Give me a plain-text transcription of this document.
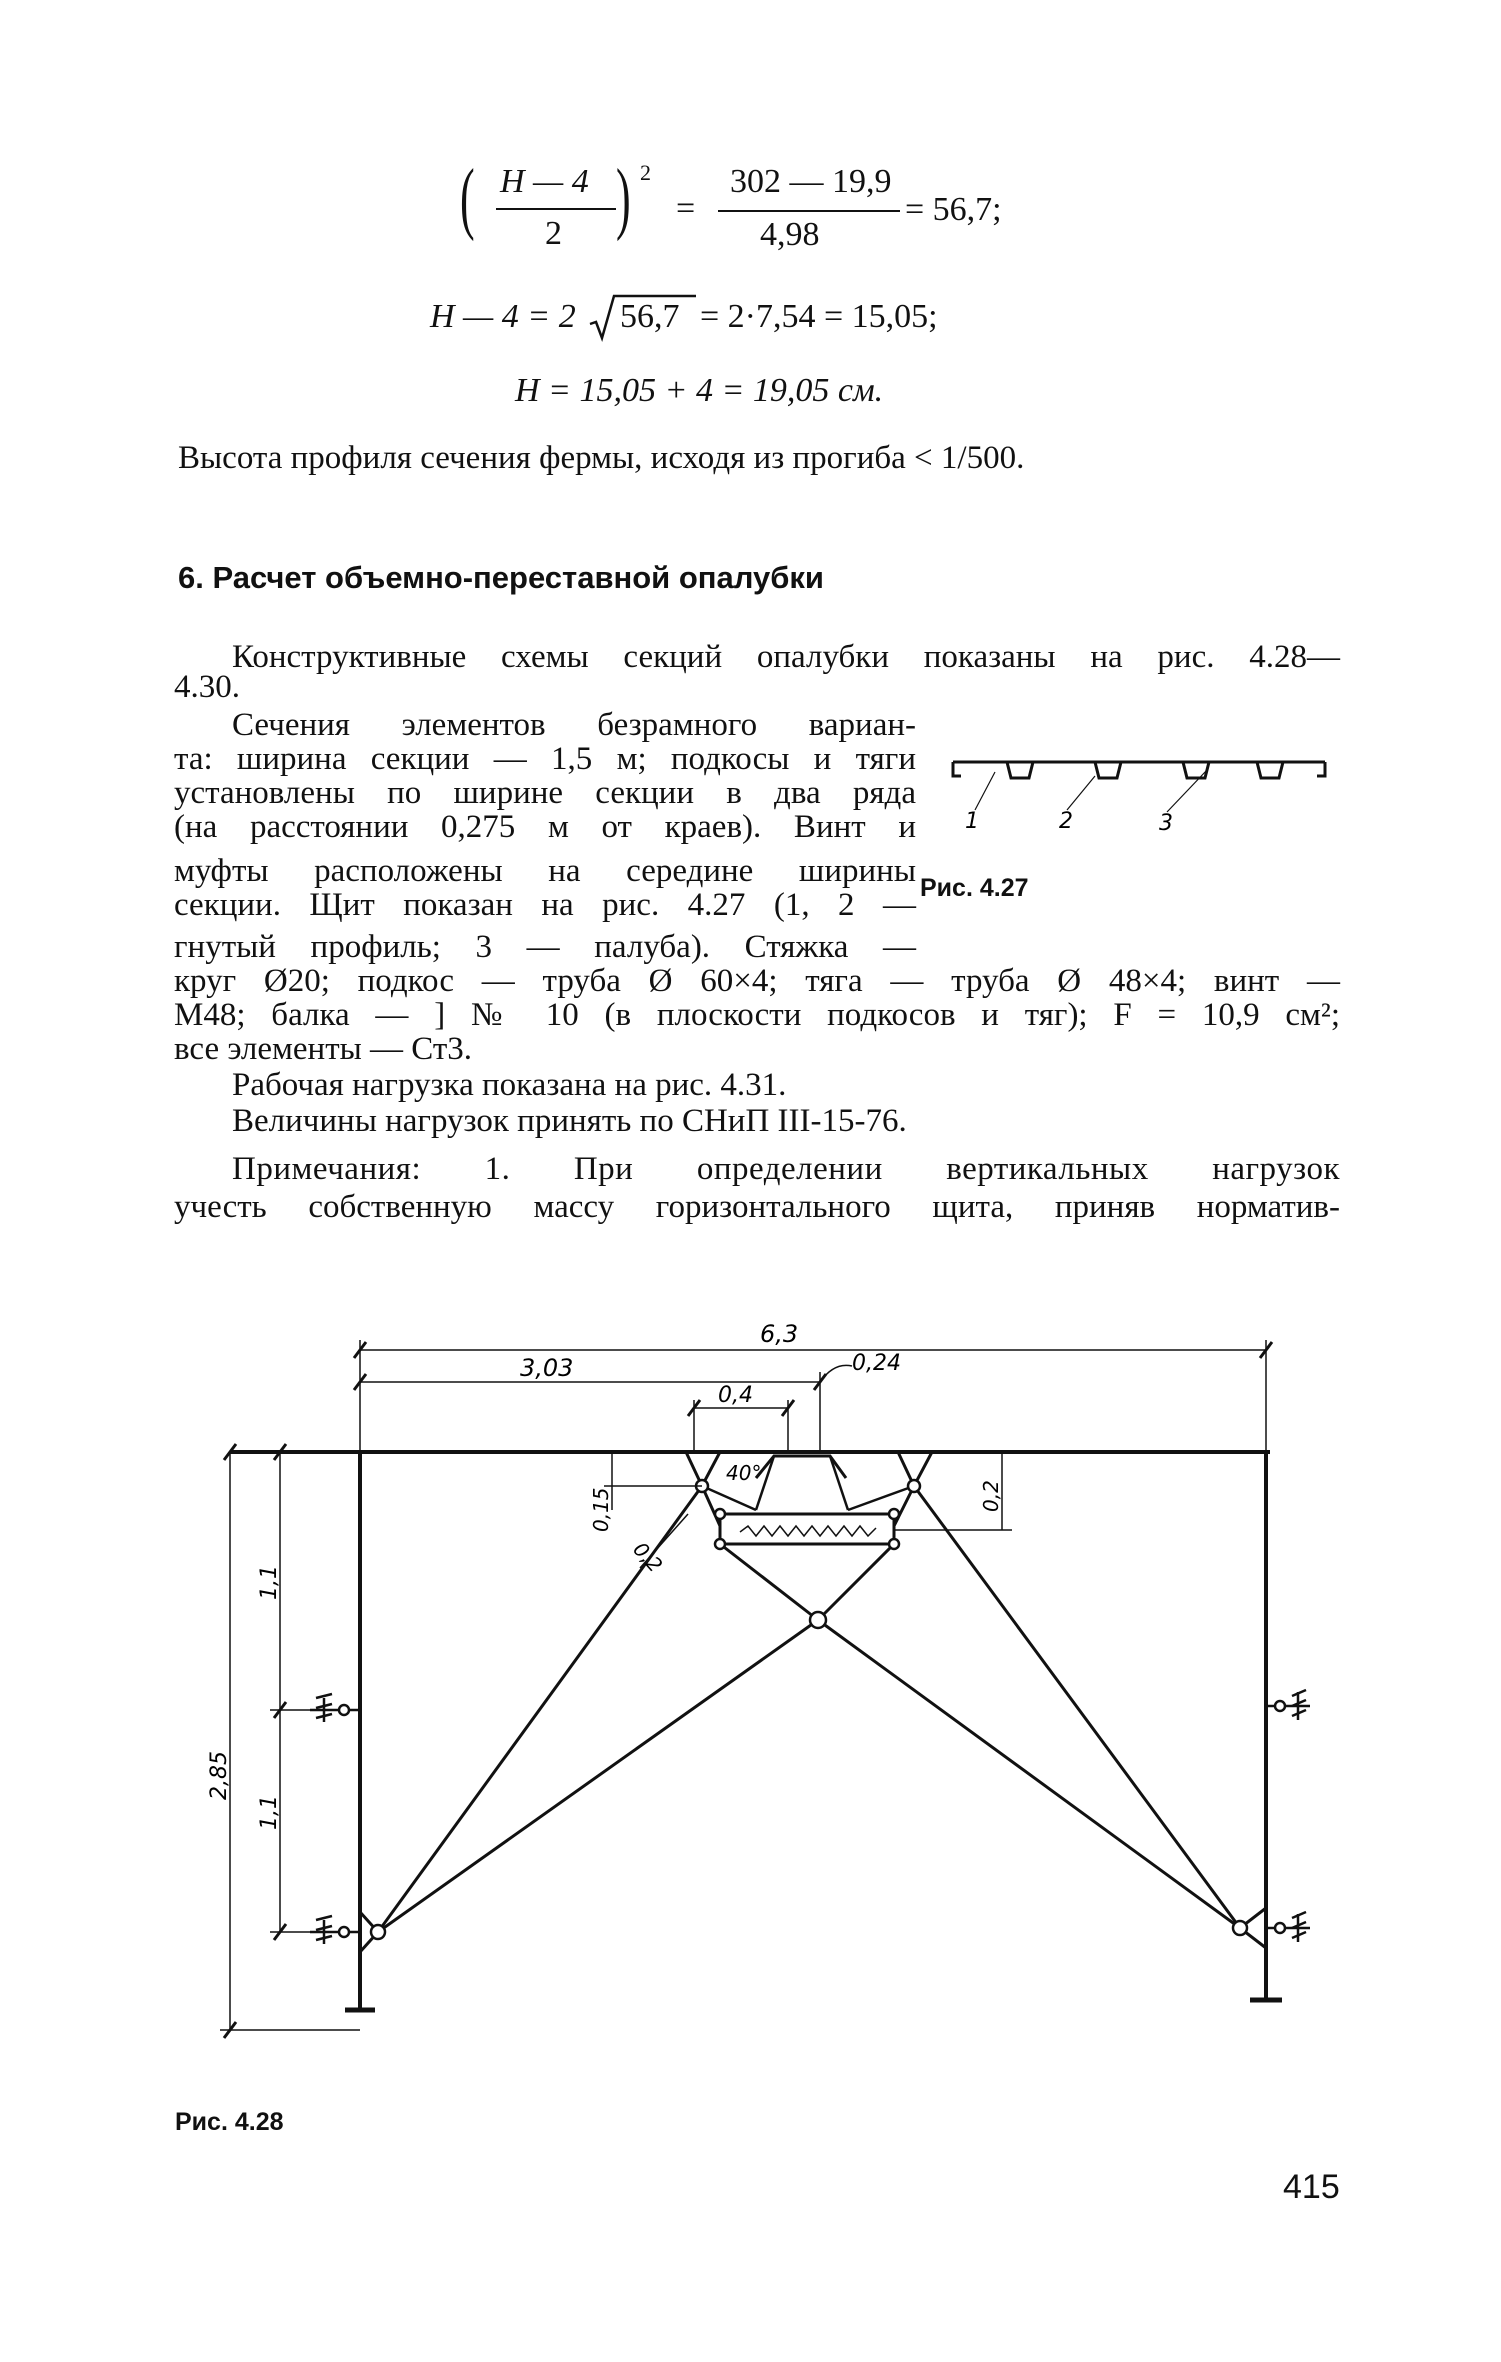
( H — 4
2 ) 2
=
302 — 19,9
4,98
= 56,7;
H — 4 = 2 56,7 = 2·7,54 = 15,05;
H = 15,05 + 4 = 19,05 см.
Высота профиля сечения фермы, исходя из прогиба < 1/500.
6. Расчет объемно-переставной опалубки
Конструктивные схемы секций опалубки показаны на рис. 4.28—
4.30.
Сечения элементов безрамного вариан-
та: ширина секции — 1,5 м; подкосы и тяги
установлены по ширине секции в два ряда
(на расстоянии 0,275 м от краев). Винт и
муфты расположены на середине ширины
секции. Щит показан на рис. 4.27 (1, 2 —
гнутый профиль; 3 — палуба). Стяжка —
круг Ø20; подкос — труба Ø 60×4; тяга — труба Ø 48×4; винт —
M48; балка — ] № 10 (в плоскости подкосов и тяг); F = 10,9 см²;
все элементы — Ст3.
Рабочая нагрузка показана на рис. 4.31.
Величины нагрузок принять по СНиП III-15-76.
Примечания: 1. При определении вертикальных нагрузок
учесть собственную массу горизонтального щита, приняв норматив-
1	2	3
Рис. 4.27
6,3
3,03	0,24
0,4
40°
0,15	0,2
0,2
1,1
1,1
2,85
Рис. 4.28
415
